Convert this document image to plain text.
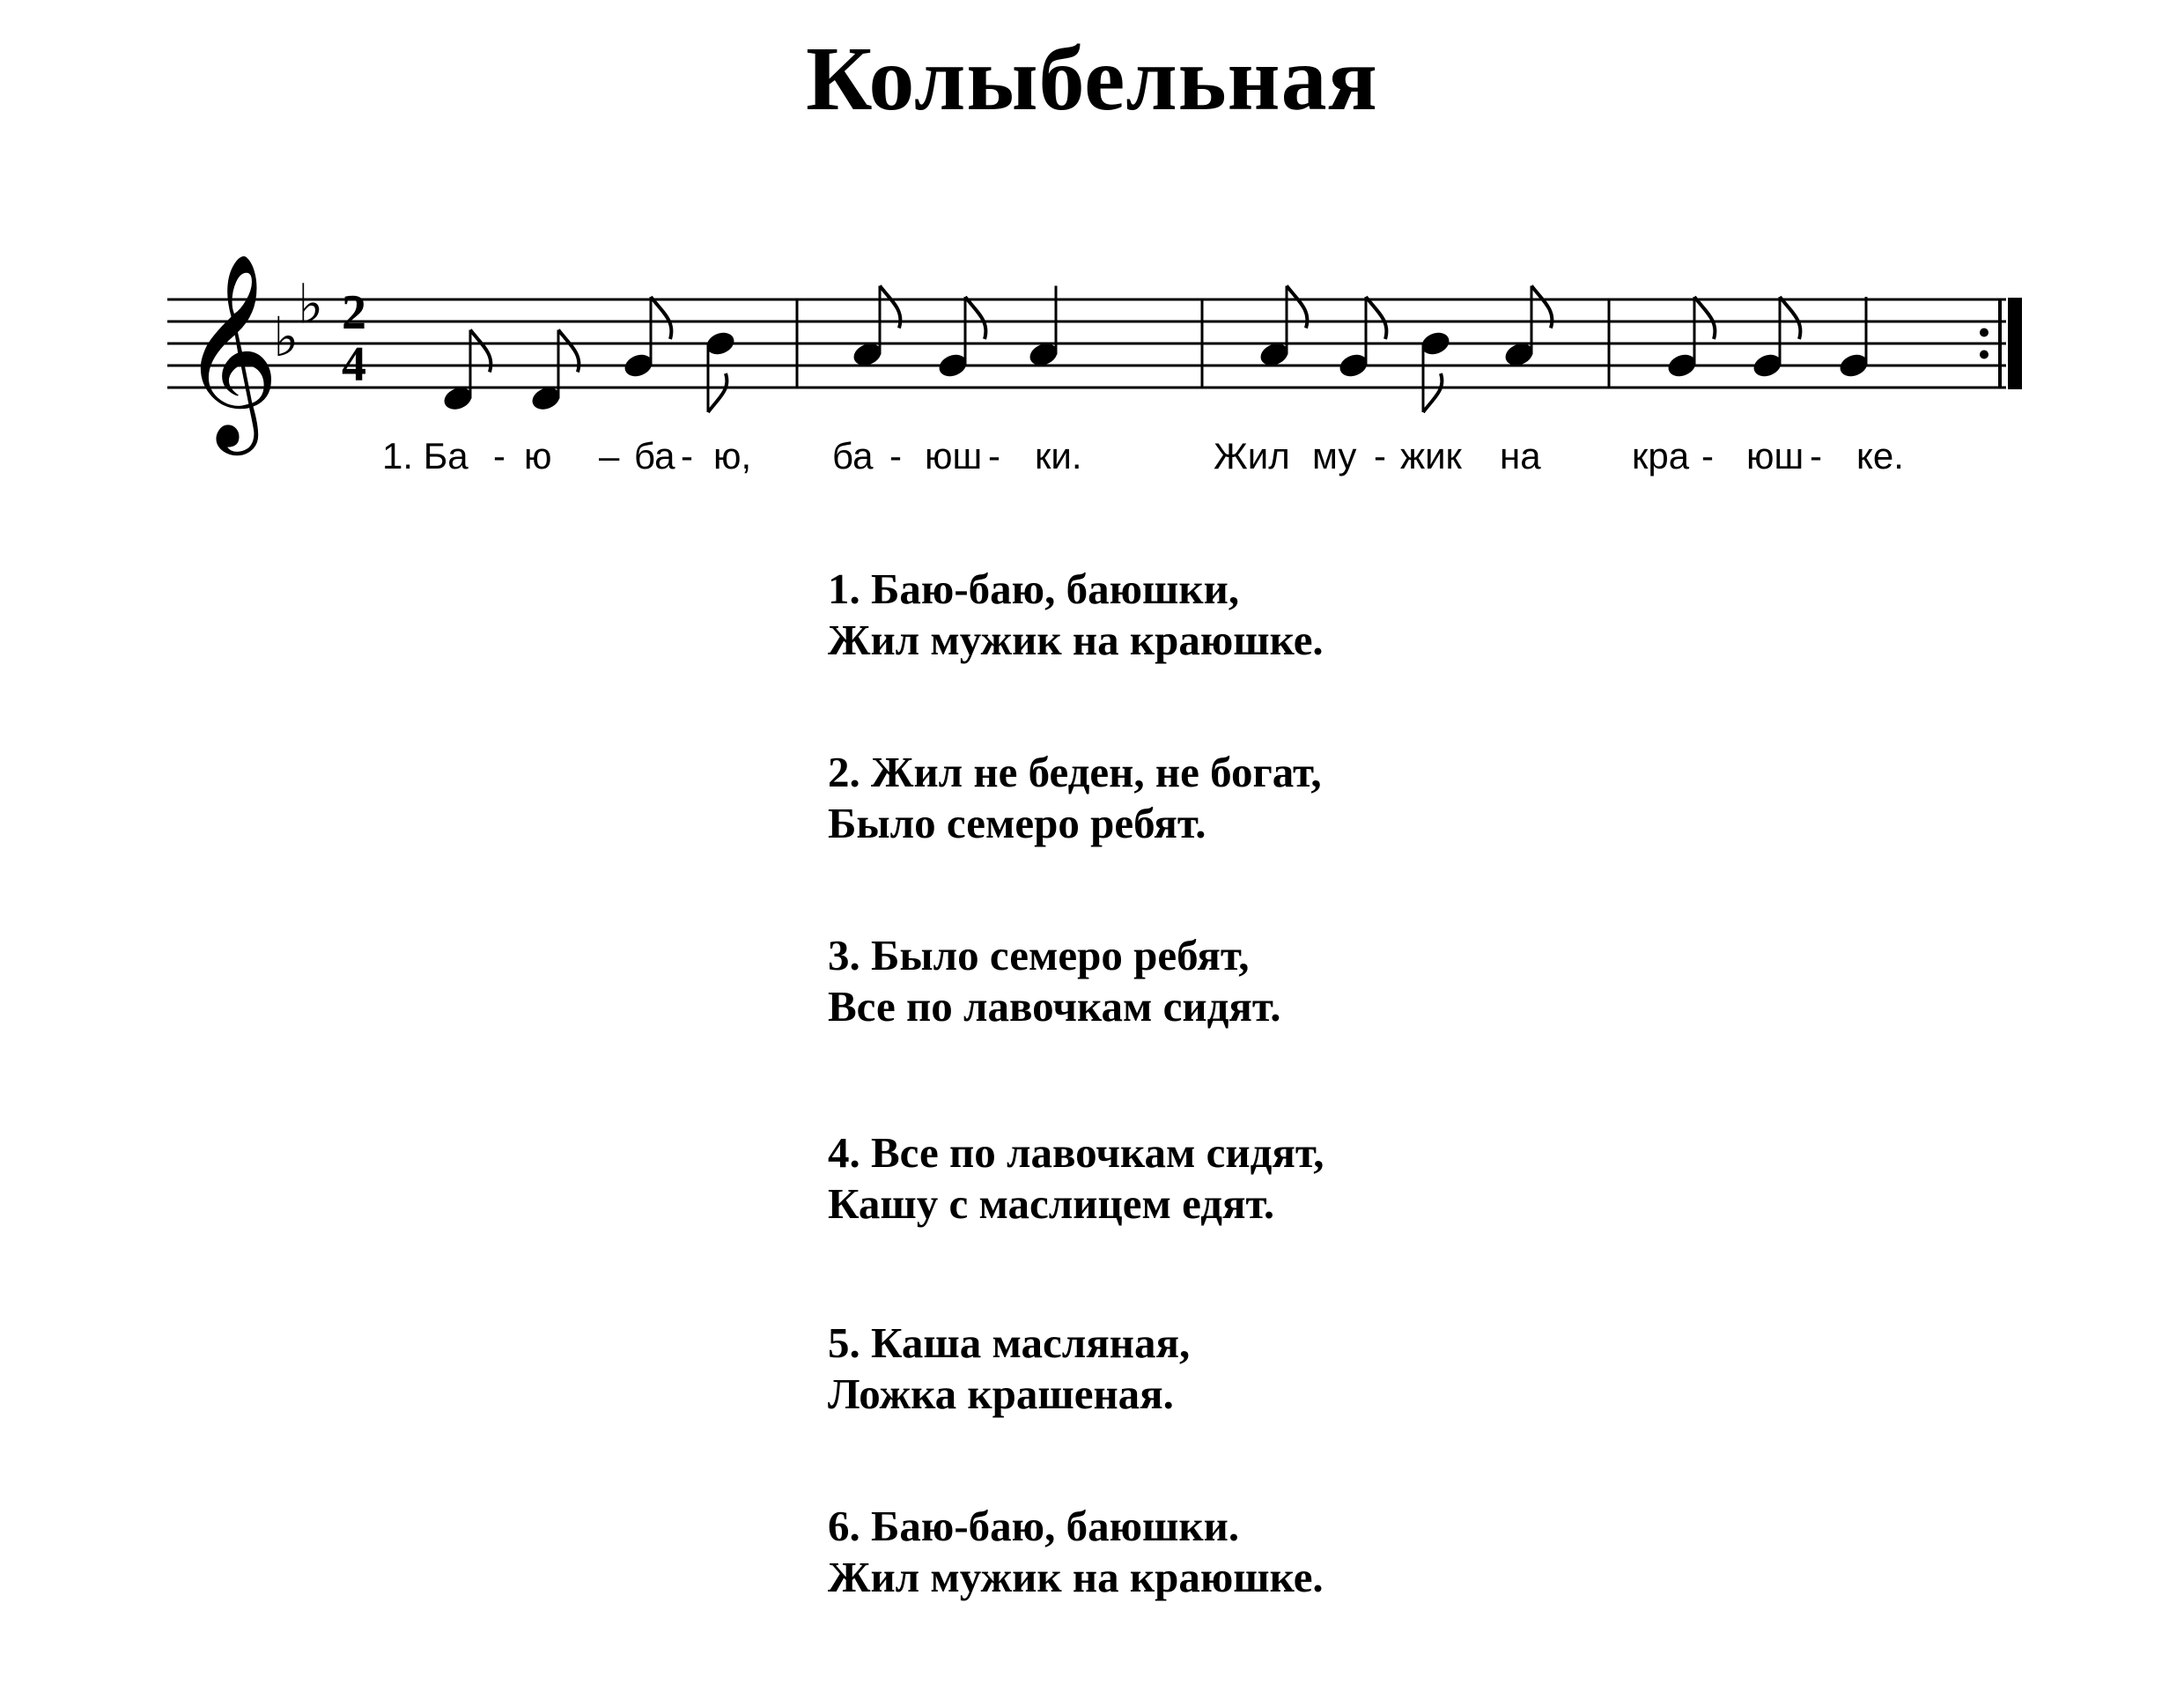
Колыбельная
𝄞
♭
♭ 2
4
1. Ба - ю – ба - ю, ба - юш - ки.	Жил му - жик на кра - юш - ке.
1. Баю-баю, баюшки,
Жил мужик на краюшке.
2. Жил не беден, не богат,
Было семеро ребят.
3. Было семеро ребят,
Все по лавочкам сидят.
4. Все по лавочкам сидят,
Кашу с маслицем едят.
5. Каша масляная,
Ложка крашеная.
6. Баю-баю, баюшки.
Жил мужик на краюшке.
